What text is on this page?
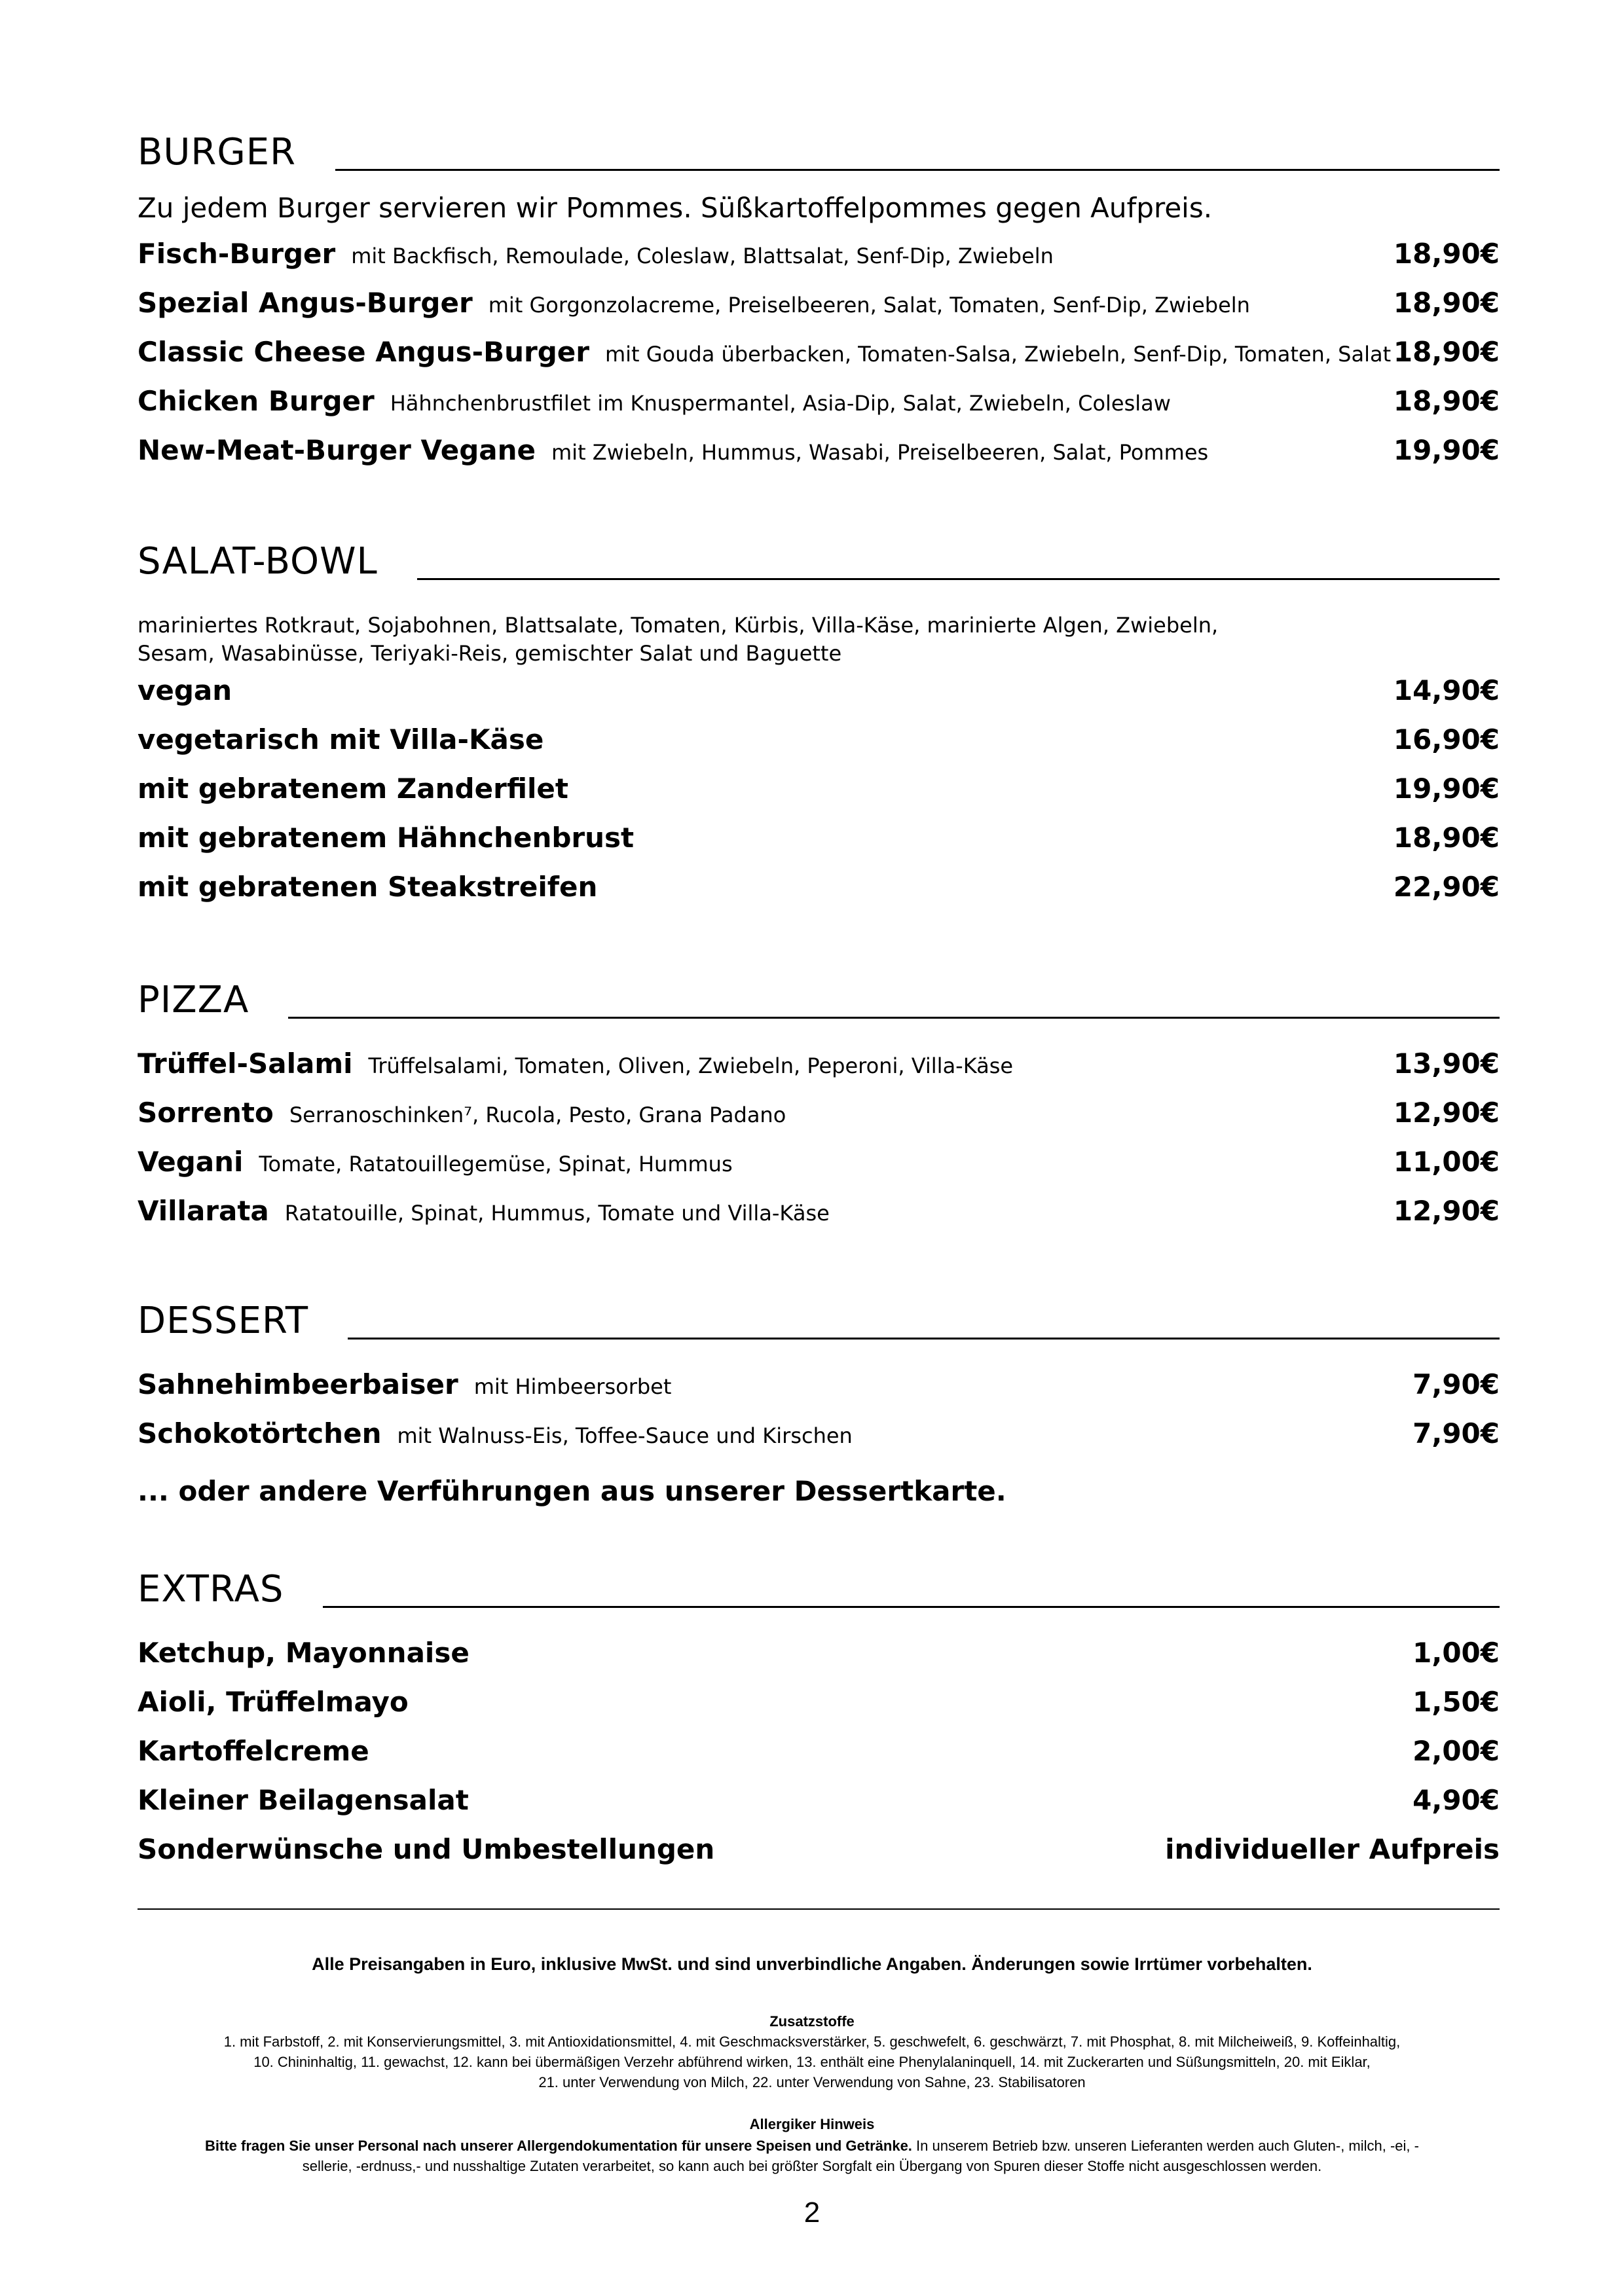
BURGER
Zu jedem Burger servieren wir Pommes. Süßkartoffelpommes gegen Aufpreis.
Fisch-Burger mit Backfisch, Remoulade, Coleslaw, Blattsalat, Senf-Dip, Zwiebeln	18,90€
Spezial Angus-Burger mit Gorgonzolacreme, Preiselbeeren, Salat, Tomaten, Senf-Dip, Zwiebeln	18,90€
Classic Cheese Angus-Burger mit Gouda überbacken, Tomaten-Salsa, Zwiebeln, Senf-Dip, Tomaten, Salat 18,90€
Chicken Burger Hähnchenbrustfilet im Knuspermantel, Asia-Dip, Salat, Zwiebeln, Coleslaw	18,90€
New-Meat-Burger Vegane mit Zwiebeln, Hummus, Wasabi, Preiselbeeren, Salat, Pommes	19,90€
SALAT-BOWL
mariniertes Rotkraut, Sojabohnen, Blattsalate, Tomaten, Kürbis, Villa-Käse, marinierte Algen, Zwiebeln,
Sesam, Wasabinüsse, Teriyaki-Reis, gemischter Salat und Baguette
vegan	14,90€
vegetarisch mit Villa-Käse	16,90€
mit gebratenem Zanderfilet	19,90€
mit gebratenem Hähnchenbrust	18,90€
mit gebratenen Steakstreifen	22,90€
PIZZA
Trüffel-Salami Trüffelsalami, Tomaten, Oliven, Zwiebeln, Peperoni, Villa-Käse	13,90€
Sorrento Serranoschinken⁷, Rucola, Pesto, Grana Padano	12,90€
Vegani Tomate, Ratatouillegemüse, Spinat, Hummus	11,00€
Villarata Ratatouille, Spinat, Hummus, Tomate und Villa-Käse	12,90€
DESSERT
Sahnehimbeerbaiser mit Himbeersorbet	7,90€
Schokotörtchen mit Walnuss-Eis, Toffee-Sauce und Kirschen	7,90€
... oder andere Verführungen aus unserer Dessertkarte.
EXTRAS
Ketchup, Mayonnaise	1,00€
Aioli, Trüffelmayo	1,50€
Kartoffelcreme	2,00€
Kleiner Beilagensalat	4,90€
Sonderwünsche und Umbestellungen	individueller Aufpreis
Alle Preisangaben in Euro, inklusive MwSt. und sind unverbindliche Angaben. Änderungen sowie Irrtümer vorbehalten.
Zusatzstoffe
1. mit Farbstoff, 2. mit Konservierungsmittel, 3. mit Antioxidationsmittel, 4. mit Geschmacksverstärker, 5. geschwefelt, 6. geschwärzt, 7. mit Phosphat, 8. mit Milcheiweiß, 9. Koffeinhaltig,
10. Chininhaltig, 11. gewachst, 12. kann bei übermäßigen Verzehr abführend wirken, 13. enthält eine Phenylalaninquell, 14. mit Zuckerarten und Süßungsmitteln, 20. mit Eiklar,
21. unter Verwendung von Milch, 22. unter Verwendung von Sahne, 23. Stabilisatoren
Allergiker Hinweis
Bitte fragen Sie unser Personal nach unserer Allergendokumentation für unsere Speisen und Getränke. In unserem Betrieb bzw. unseren Lieferanten werden auch Gluten-, milch, -ei, -
sellerie, -erdnuss,- und nusshaltige Zutaten verarbeitet, so kann auch bei größter Sorgfalt ein Übergang von Spuren dieser Stoffe nicht ausgeschlossen werden.
2
